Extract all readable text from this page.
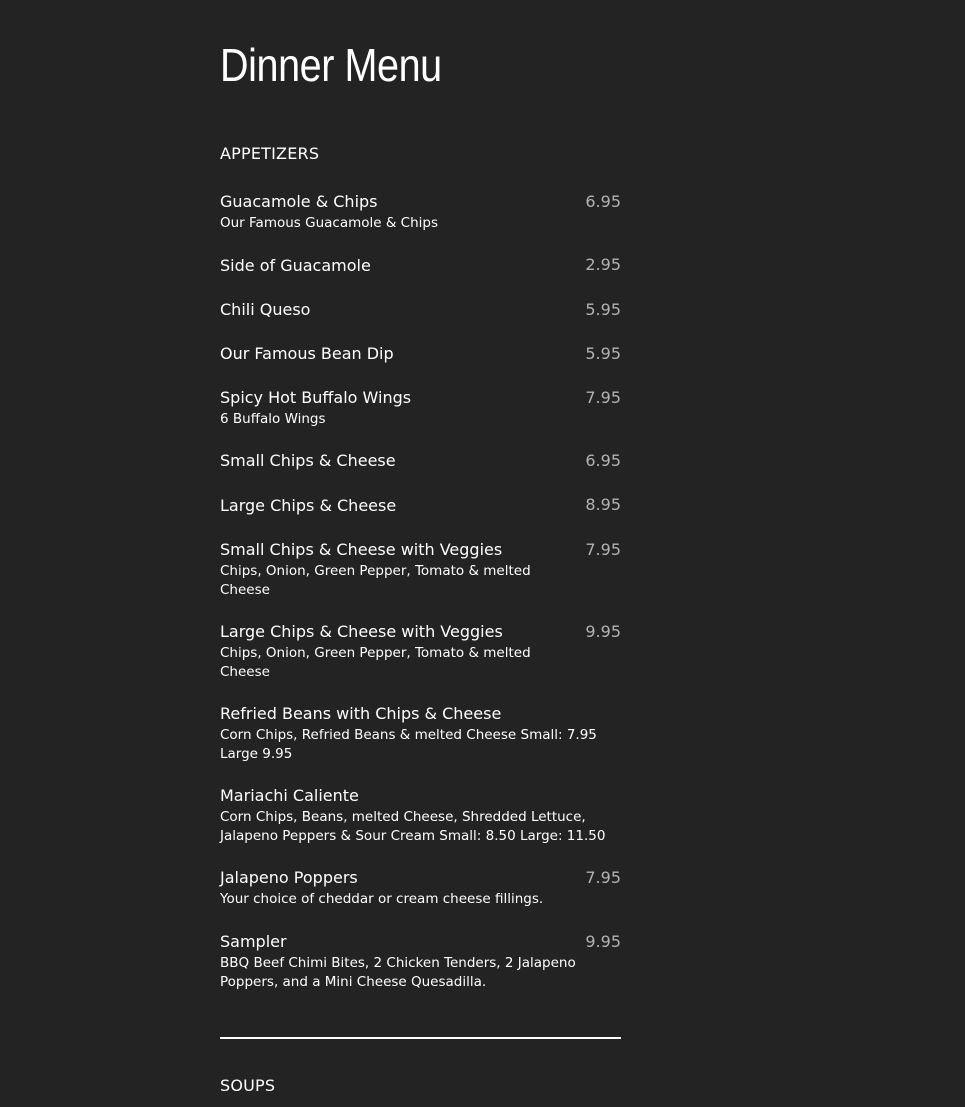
Dinner Menu
APPETIZERS
Guacamole & Chips	6.95
Our Famous Guacamole & Chips
Side of Guacamole	2.95
Chili Queso	5.95
Our Famous Bean Dip	5.95
Spicy Hot Buffalo Wings	7.95
6 Buffalo Wings
Small Chips & Cheese	6.95
Large Chips & Cheese	8.95
Small Chips & Cheese with Veggies	7.95
Chips, Onion, Green Pepper, Tomato & melted Cheese
Large Chips & Cheese with Veggies	9.95
Chips, Onion, Green Pepper, Tomato & melted Cheese
Refried Beans with Chips & Cheese
Corn Chips, Refried Beans & melted Cheese Small: 7.95 Large 9.95
Mariachi Caliente
Corn Chips, Beans, melted Cheese, Shredded Lettuce, Jalapeno Peppers & Sour Cream Small: 8.50 Large: 11.50
Jalapeno Poppers	7.95
Your choice of cheddar or cream cheese fillings.
Sampler	9.95
BBQ Beef Chimi Bites, 2 Chicken Tenders, 2 Jalapeno Poppers, and a Mini Cheese Quesadilla.
SOUPS
